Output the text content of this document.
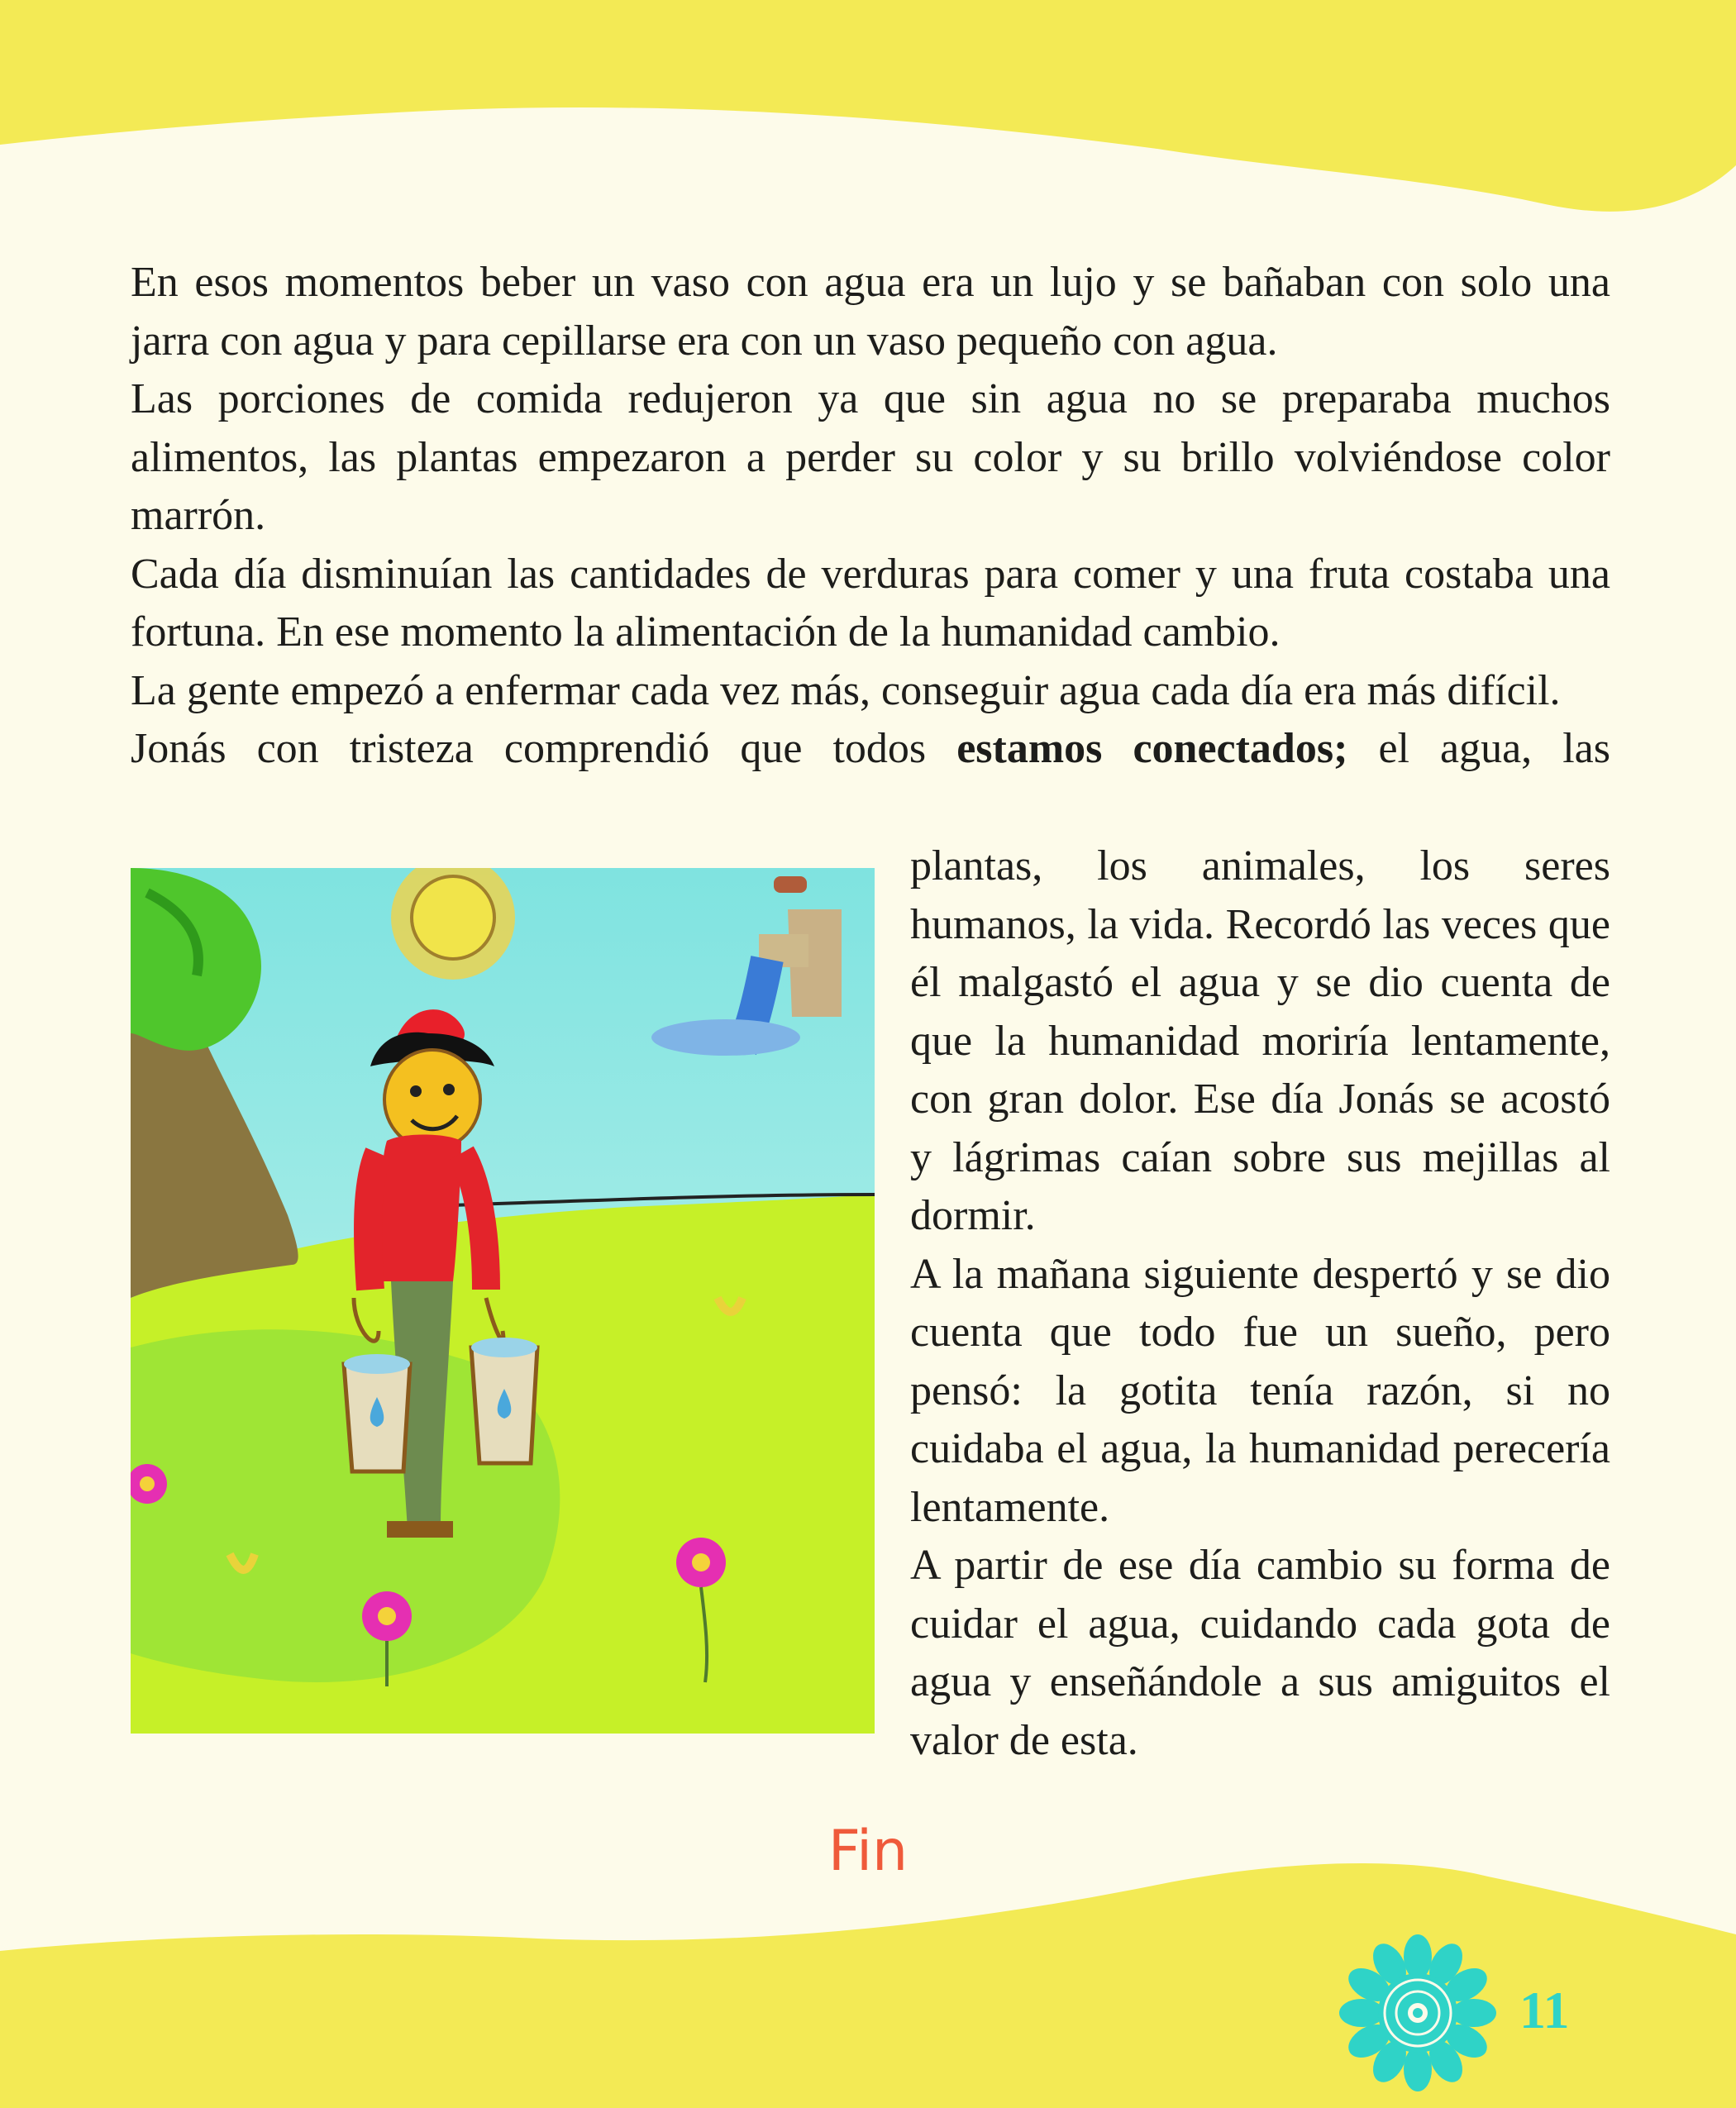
En esos momentos beber un vaso con agua era un lujo y se bañaban con solo una jarra con agua y para cepillarse era con un vaso pequeño con agua.

Las porciones de comida redujeron ya que sin agua no se preparaba muchos alimentos, las plantas empezaron a perder su color y su brillo volviéndose color marrón.

Cada día disminuían las cantidades de verduras para comer y una fruta costaba una fortuna. En ese momento la alimentación de la humanidad cambio.

La gente empezó a enfermar cada vez más, conseguir agua cada día era más difícil.

Jonás con tristeza comprendió que todos estamos conectados; el agua, las

plantas, los animales, los seres humanos, la vida. Recordó las veces que él malgastó el agua y se dio cuenta de que la humanidad moriría lentamente, con gran dolor. Ese día Jonás se acostó y lágrimas caían sobre sus mejillas al dormir.

A la mañana siguiente despertó y se dio cuenta que todo fue un sueño, pero pensó: la gotita tenía razón, si no cuidaba el agua, la humanidad perecería lentamente.

A partir de ese día cambio su forma de cuidar el agua, cuidando cada gota de agua y enseñándole a sus amiguitos el valor de esta.

Fin
11
